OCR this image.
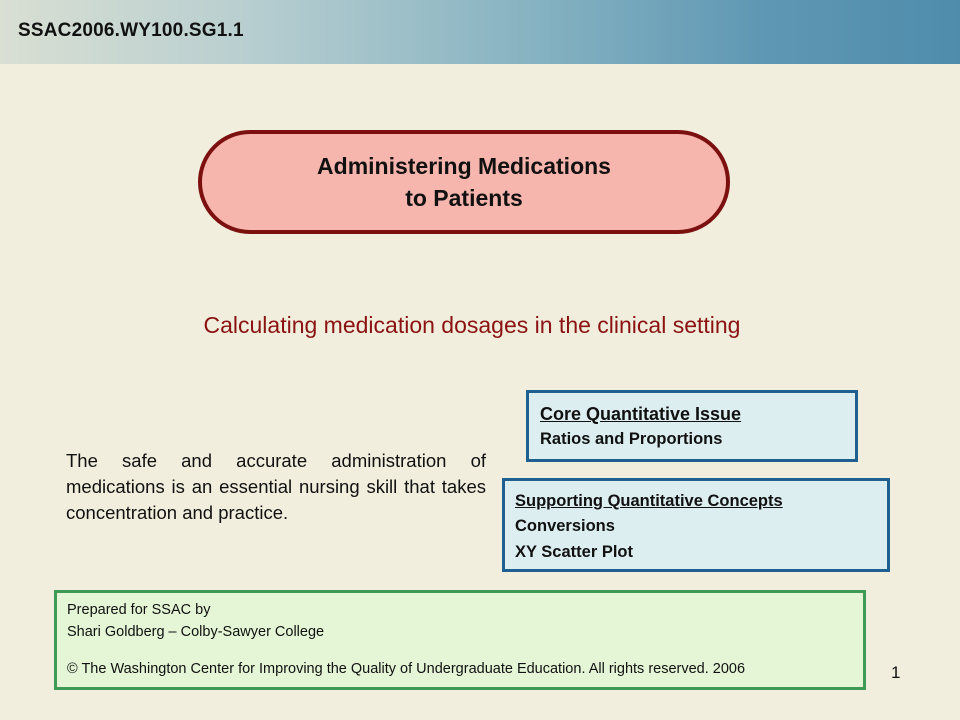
SSAC2006.WY100.SG1.1
Administering Medications
to Patients
Calculating medication dosages in the clinical setting
The safe and accurate administration of medications is an essential nursing skill that takes concentration and practice.
Core Quantitative Issue
Ratios and Proportions
Supporting Quantitative Concepts
Conversions
XY Scatter Plot
Prepared for SSAC by
Shari Goldberg – Colby-Sawyer College
© The Washington Center for Improving the Quality of Undergraduate Education. All rights reserved. 2006	1
